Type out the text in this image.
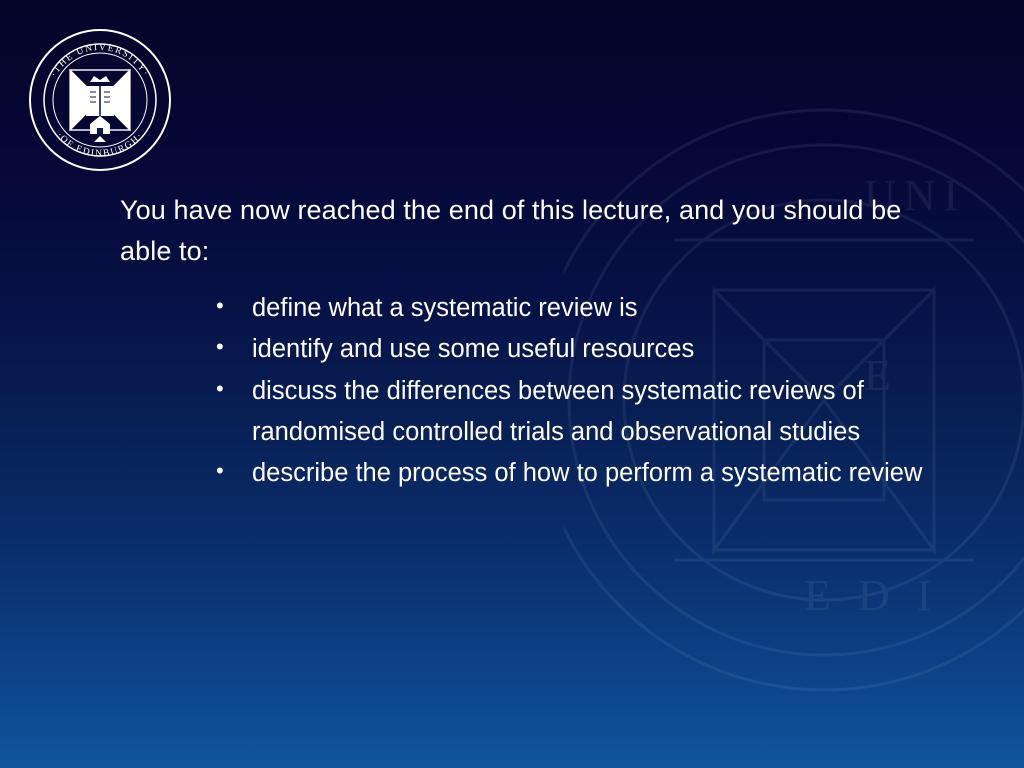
UNI
E
E D I
·THE UNIVERSITY·
·OF EDINBURGH·
You have now reached the end of this lecture, and you should be able to:
• define what a systematic review is
• identify and use some useful resources
• discuss the differences between systematic reviews of randomised controlled trials and observational studies
• describe the process of how to perform a systematic review
